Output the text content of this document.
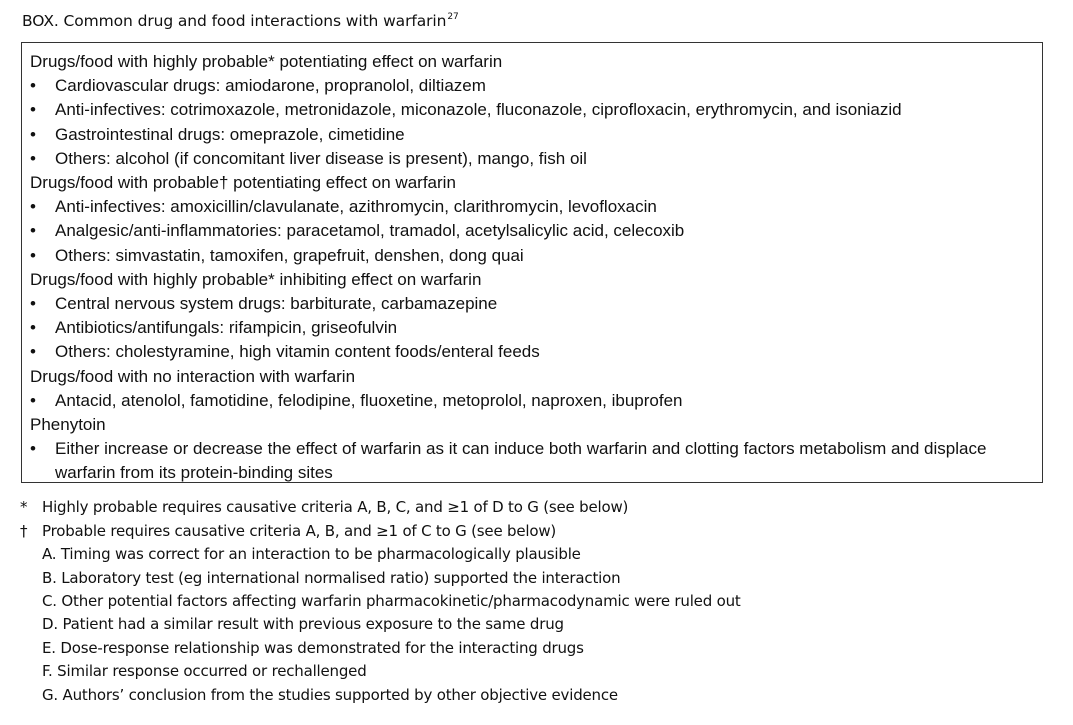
BOX. Common drug and food interactions with warfarin$^{27}$
Drugs/food with highly probable* potentiating effect on warfarin
•	Cardiovascular drugs: amiodarone, propranolol, diltiazem
•	Anti-infectives: cotrimoxazole, metronidazole, miconazole, fluconazole, ciprofloxacin, erythromycin, and isoniazid
•	Gastrointestinal drugs: omeprazole, cimetidine
•	Others: alcohol (if concomitant liver disease is present), mango, fish oil
Drugs/food with probable† potentiating effect on warfarin
•	Anti-infectives: amoxicillin/clavulanate, azithromycin, clarithromycin, levofloxacin
•	Analgesic/anti-inflammatories: paracetamol, tramadol, acetylsalicylic acid, celecoxib
•	Others: simvastatin, tamoxifen, grapefruit, denshen, dong quai
Drugs/food with highly probable* inhibiting effect on warfarin
•	Central nervous system drugs: barbiturate, carbamazepine
•	Antibiotics/antifungals: rifampicin, griseofulvin
•	Others: cholestyramine, high vitamin content foods/enteral feeds
Drugs/food with no interaction with warfarin
•	Antacid, atenolol, famotidine, felodipine, fluoxetine, metoprolol, naproxen, ibuprofen
Phenytoin
•	Either increase or decrease the effect of warfarin as it can induce both warfarin and clotting factors metabolism and displace warfarin from its protein-binding sites
* Highly probable requires causative criteria A, B, C, and ≥1 of D to G (see below)
† Probable requires causative criteria A, B, and ≥1 of C to G (see below)
A. Timing was correct for an interaction to be pharmacologically plausible
B. Laboratory test (eg international normalised ratio) supported the interaction
C. Other potential factors affecting warfarin pharmacokinetic/pharmacodynamic were ruled out
D. Patient had a similar result with previous exposure to the same drug
E. Dose-response relationship was demonstrated for the interacting drugs
F. Similar response occurred or rechallenged
G. Authors’ conclusion from the studies supported by other objective evidence
